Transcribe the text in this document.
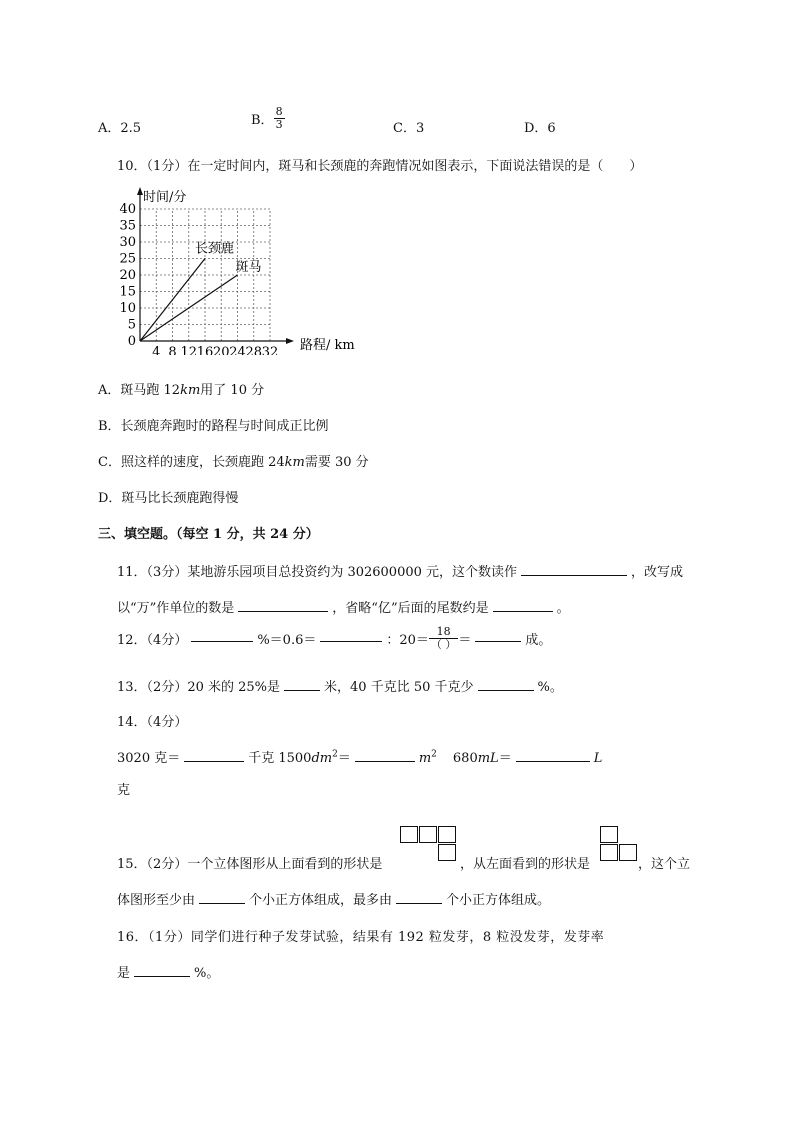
A．2.5
B． $\frac{8}{3}$	C．3	D．6
10．（1分）在一定时间内，斑马和长颈鹿的奔跑情况如图表示，下面说法错误的是（　　）
0
5
10
15
20
25
30
35
40
4 8 12 16 20 24 28 32
时间/分
路程/ km
长颈鹿
斑马
A．斑马跑 12km用了 10 分
B．长颈鹿奔跑时的路程与时间成正比例
C．照这样的速度，长颈鹿跑 24km需要 30 分
D．斑马比长颈鹿跑得慢
三、填空题。（每空 1 分，共 24 分）
11．（3分）某地游乐园项目总投资约为 302600000 元，这个数读作	，改写成
以“万”作单位的数是	，省略“亿”后面的尾数约是	。
12．（4分）	%＝0.6＝	：$20= \frac{18}{( )}$ ＝	成。
13．（2分）20 米的 25%是	米，40 千克比 50 千克少	%。
14．（4分）
3020 克＝	千克 $1500dm^2=$	$m^2$ 680mL＝	L
克
15．（2分）一个立体图形从上面看到的形状是	，从左面看到的形状是	，这个立
体图形至少由	个小正方体组成，最多由	个小正方体组成。
16．（1分）同学们进行种子发芽试验，结果有 192 粒发芽，8 粒没发芽，发芽率
是	%。
